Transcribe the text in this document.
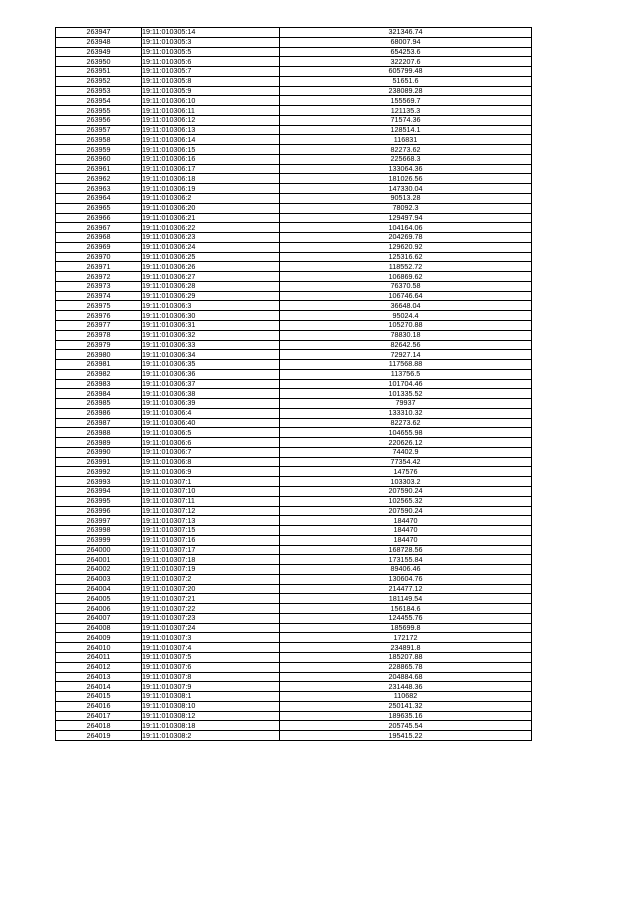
263947	19:11:010305:14	321346.74
263948	19:11:010305:3	68007.94
263949	19:11:010305:5	654253.6
263950	19:11:010305:6	322207.6
263951	19:11:010305:7	605799.48
263952	19:11:010305:8	51651.6
263953	19:11:010305:9	238089.28
263954	19:11:010306:10	155569.7
263955	19:11:010306:11	121135.3
263956	19:11:010306:12	71574.36
263957	19:11:010306:13	128514.1
263958	19:11:010306:14	116831
263959	19:11:010306:15	82273.62
263960	19:11:010306:16	225668.3
263961	19:11:010306:17	133064.36
263962	19:11:010306:18	181026.56
263963	19:11:010306:19	147330.04
263964	19:11:010306:2	90513.28
263965	19:11:010306:20	78092.3
263966	19:11:010306:21	129497.94
263967	19:11:010306:22	104164.06
263968	19:11:010306:23	204269.78
263969	19:11:010306:24	129620.92
263970	19:11:010306:25	125316.62
263971	19:11:010306:26	118552.72
263972	19:11:010306:27	106869.62
263973	19:11:010306:28	76370.58
263974	19:11:010306:29	106746.64
263975	19:11:010306:3	36648.04
263976	19:11:010306:30	95024.4
263977	19:11:010306:31	105270.88
263978	19:11:010306:32	78830.18
263979	19:11:010306:33	82642.56
263980	19:11:010306:34	72927.14
263981	19:11:010306:35	117568.88
263982	19:11:010306:36	113756.5
263983	19:11:010306:37	101704.46
263984	19:11:010306:38	101335.52
263985	19:11:010306:39	79937
263986	19:11:010306:4	133310.32
263987	19:11:010306:40	82273.62
263988	19:11:010306:5	104655.98
263989	19:11:010306:6	220626.12
263990	19:11:010306:7	74402.9
263991	19:11:010306:8	77354.42
263992	19:11:010306:9	147576
263993	19:11:010307:1	103303.2
263994	19:11:010307:10	207590.24
263995	19:11:010307:11	102565.32
263996	19:11:010307:12	207590.24
263997	19:11:010307:13	184470
263998	19:11:010307:15	184470
263999	19:11:010307:16	184470
264000	19:11:010307:17	168728.56
264001	19:11:010307:18	173155.84
264002	19:11:010307:19	89406.46
264003	19:11:010307:2	130604.76
264004	19:11:010307:20	214477.12
264005	19:11:010307:21	181149.54
264006	19:11:010307:22	156184.6
264007	19:11:010307:23	124455.76
264008	19:11:010307:24	185699.8
264009	19:11:010307:3	172172
264010	19:11:010307:4	234891.8
264011	19:11:010307:5	185207.88
264012	19:11:010307:6	228865.78
264013	19:11:010307:8	204884.68
264014	19:11:010307:9	231448.36
264015	19:11:010308:1	110682
264016	19:11:010308:10	250141.32
264017	19:11:010308:12	189635.16
264018	19:11:010308:18	205745.54
264019	19:11:010308:2	195415.22
